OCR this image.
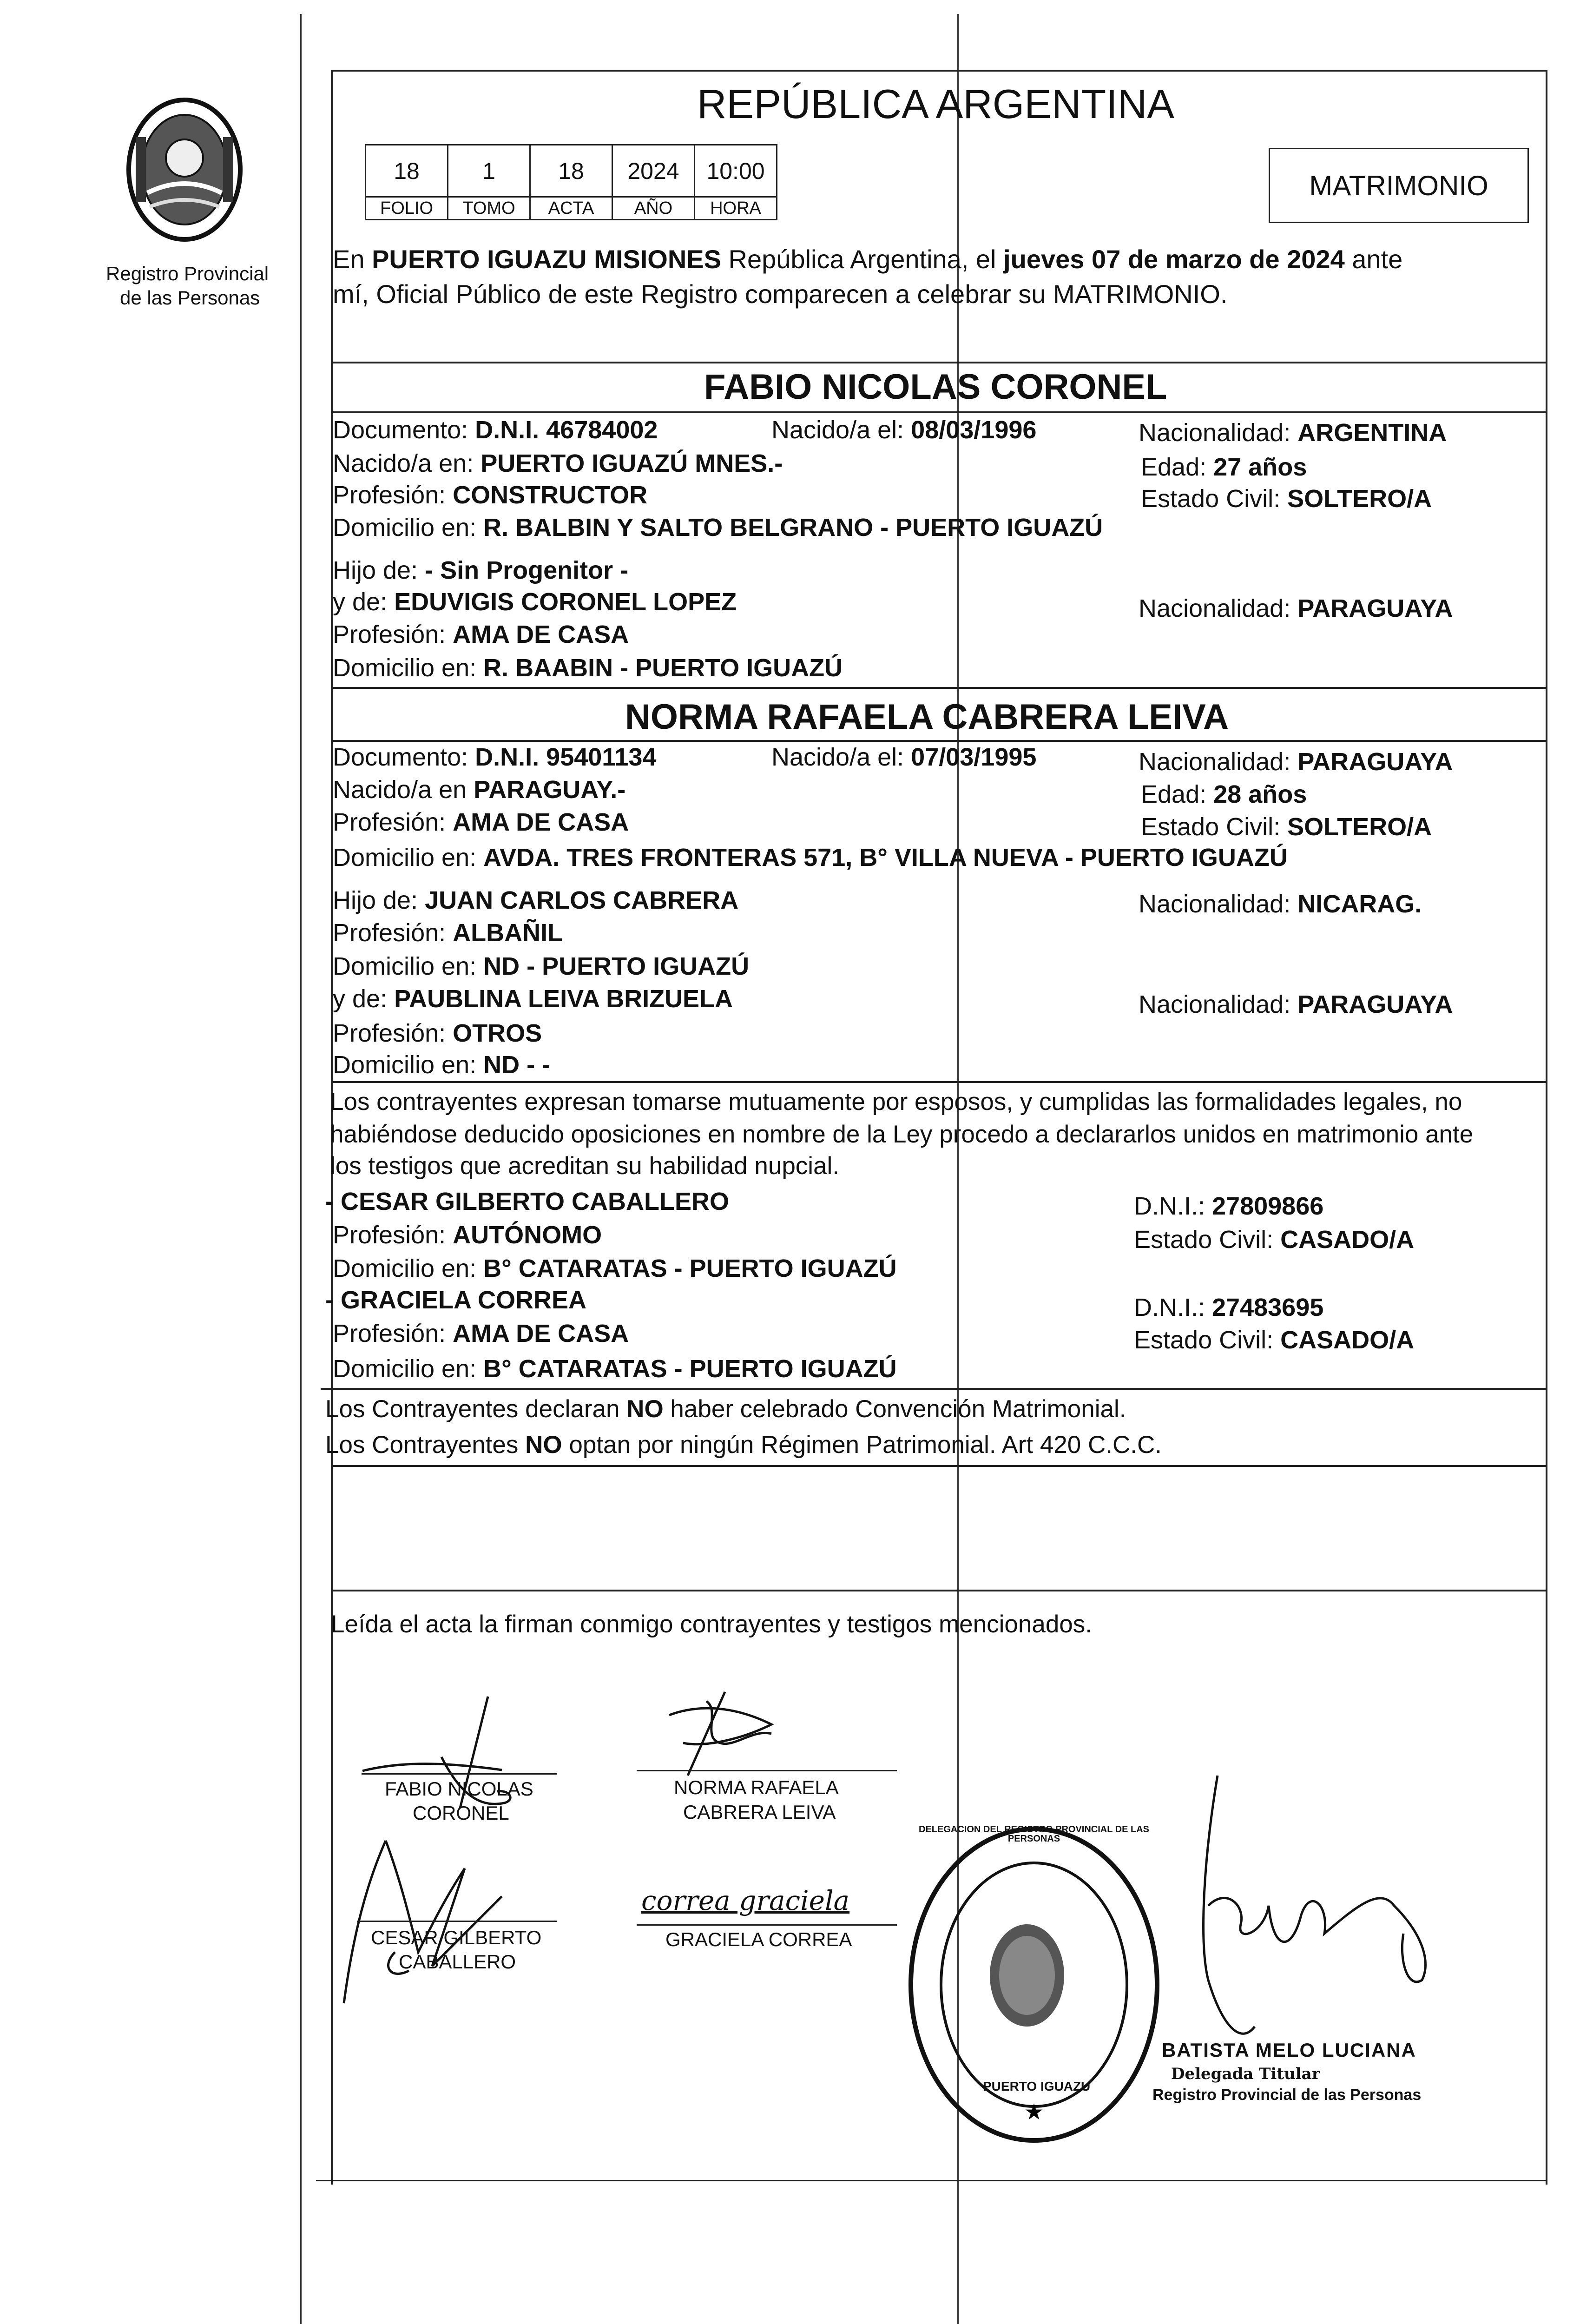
Registro Provincial
de las Personas
REPÚBLICA ARGENTINA
18	1	18	2024	10:00
FOLIO	TOMO	ACTA	AÑO	HORA
MATRIMONIO
En PUERTO IGUAZU MISIONES República Argentina, el jueves 07 de marzo de 2024 ante
mí, Oficial Público de este Registro comparecen a celebrar su MATRIMONIO.
FABIO NICOLAS CORONEL
Documento: D.N.I. 46784002	Nacido/a el: 08/03/1996	Nacionalidad: ARGENTINA
Nacido/a en: PUERTO IGUAZÚ MNES.-	Edad: 27 años
Profesión: CONSTRUCTOR	Estado Civil: SOLTERO/A
Domicilio en: R. BALBIN Y SALTO BELGRANO - PUERTO IGUAZÚ
Hijo de: - Sin Progenitor -
y de: EDUVIGIS CORONEL LOPEZ	Nacionalidad: PARAGUAYA
Profesión: AMA DE CASA
Domicilio en: R. BAABIN - PUERTO IGUAZÚ
NORMA RAFAELA CABRERA LEIVA
Documento: D.N.I. 95401134	Nacido/a el: 07/03/1995	Nacionalidad: PARAGUAYA
Nacido/a en PARAGUAY.-	Edad: 28 años
Profesión: AMA DE CASA	Estado Civil: SOLTERO/A
Domicilio en: AVDA. TRES FRONTERAS 571, B° VILLA NUEVA - PUERTO IGUAZÚ
Hijo de: JUAN CARLOS CABRERA	Nacionalidad: NICARAG.
Profesión: ALBAÑIL
Domicilio en: ND - PUERTO IGUAZÚ
y de: PAUBLINA LEIVA BRIZUELA	Nacionalidad: PARAGUAYA
Profesión: OTROS
Domicilio en: ND - -
Los contrayentes expresan tomarse mutuamente por esposos, y cumplidas las formalidades legales, no
habiéndose deducido oposiciones en nombre de la Ley procedo a declararlos unidos en matrimonio ante
los testigos que acreditan su habilidad nupcial.
- CESAR GILBERTO CABALLERO	D.N.I.: 27809866
Profesión: AUTÓNOMO	Estado Civil: CASADO/A
Domicilio en: B° CATARATAS - PUERTO IGUAZÚ
- GRACIELA CORREA	D.N.I.: 27483695
Profesión: AMA DE CASA	Estado Civil: CASADO/A
Domicilio en: B° CATARATAS - PUERTO IGUAZÚ
Los Contrayentes declaran NO haber celebrado Convención Matrimonial.
Los Contrayentes NO optan por ningún Régimen Patrimonial. Art 420 C.C.C.
Leída el acta la firman conmigo contrayentes y testigos mencionados.
FABIO NICOLAS
CORONEL
NORMA RAFAELA
CABRERA LEIVA
CESAR GILBERTO
CABALLERO
correa graciela
GRACIELA CORREA
★
DELEGACION DEL REGISTRO PROVINCIAL DE LAS PERSONAS
PUERTO IGUAZU
BATISTA MELO LUCIANA
Delegada Titular
Registro Provincial de las Personas
